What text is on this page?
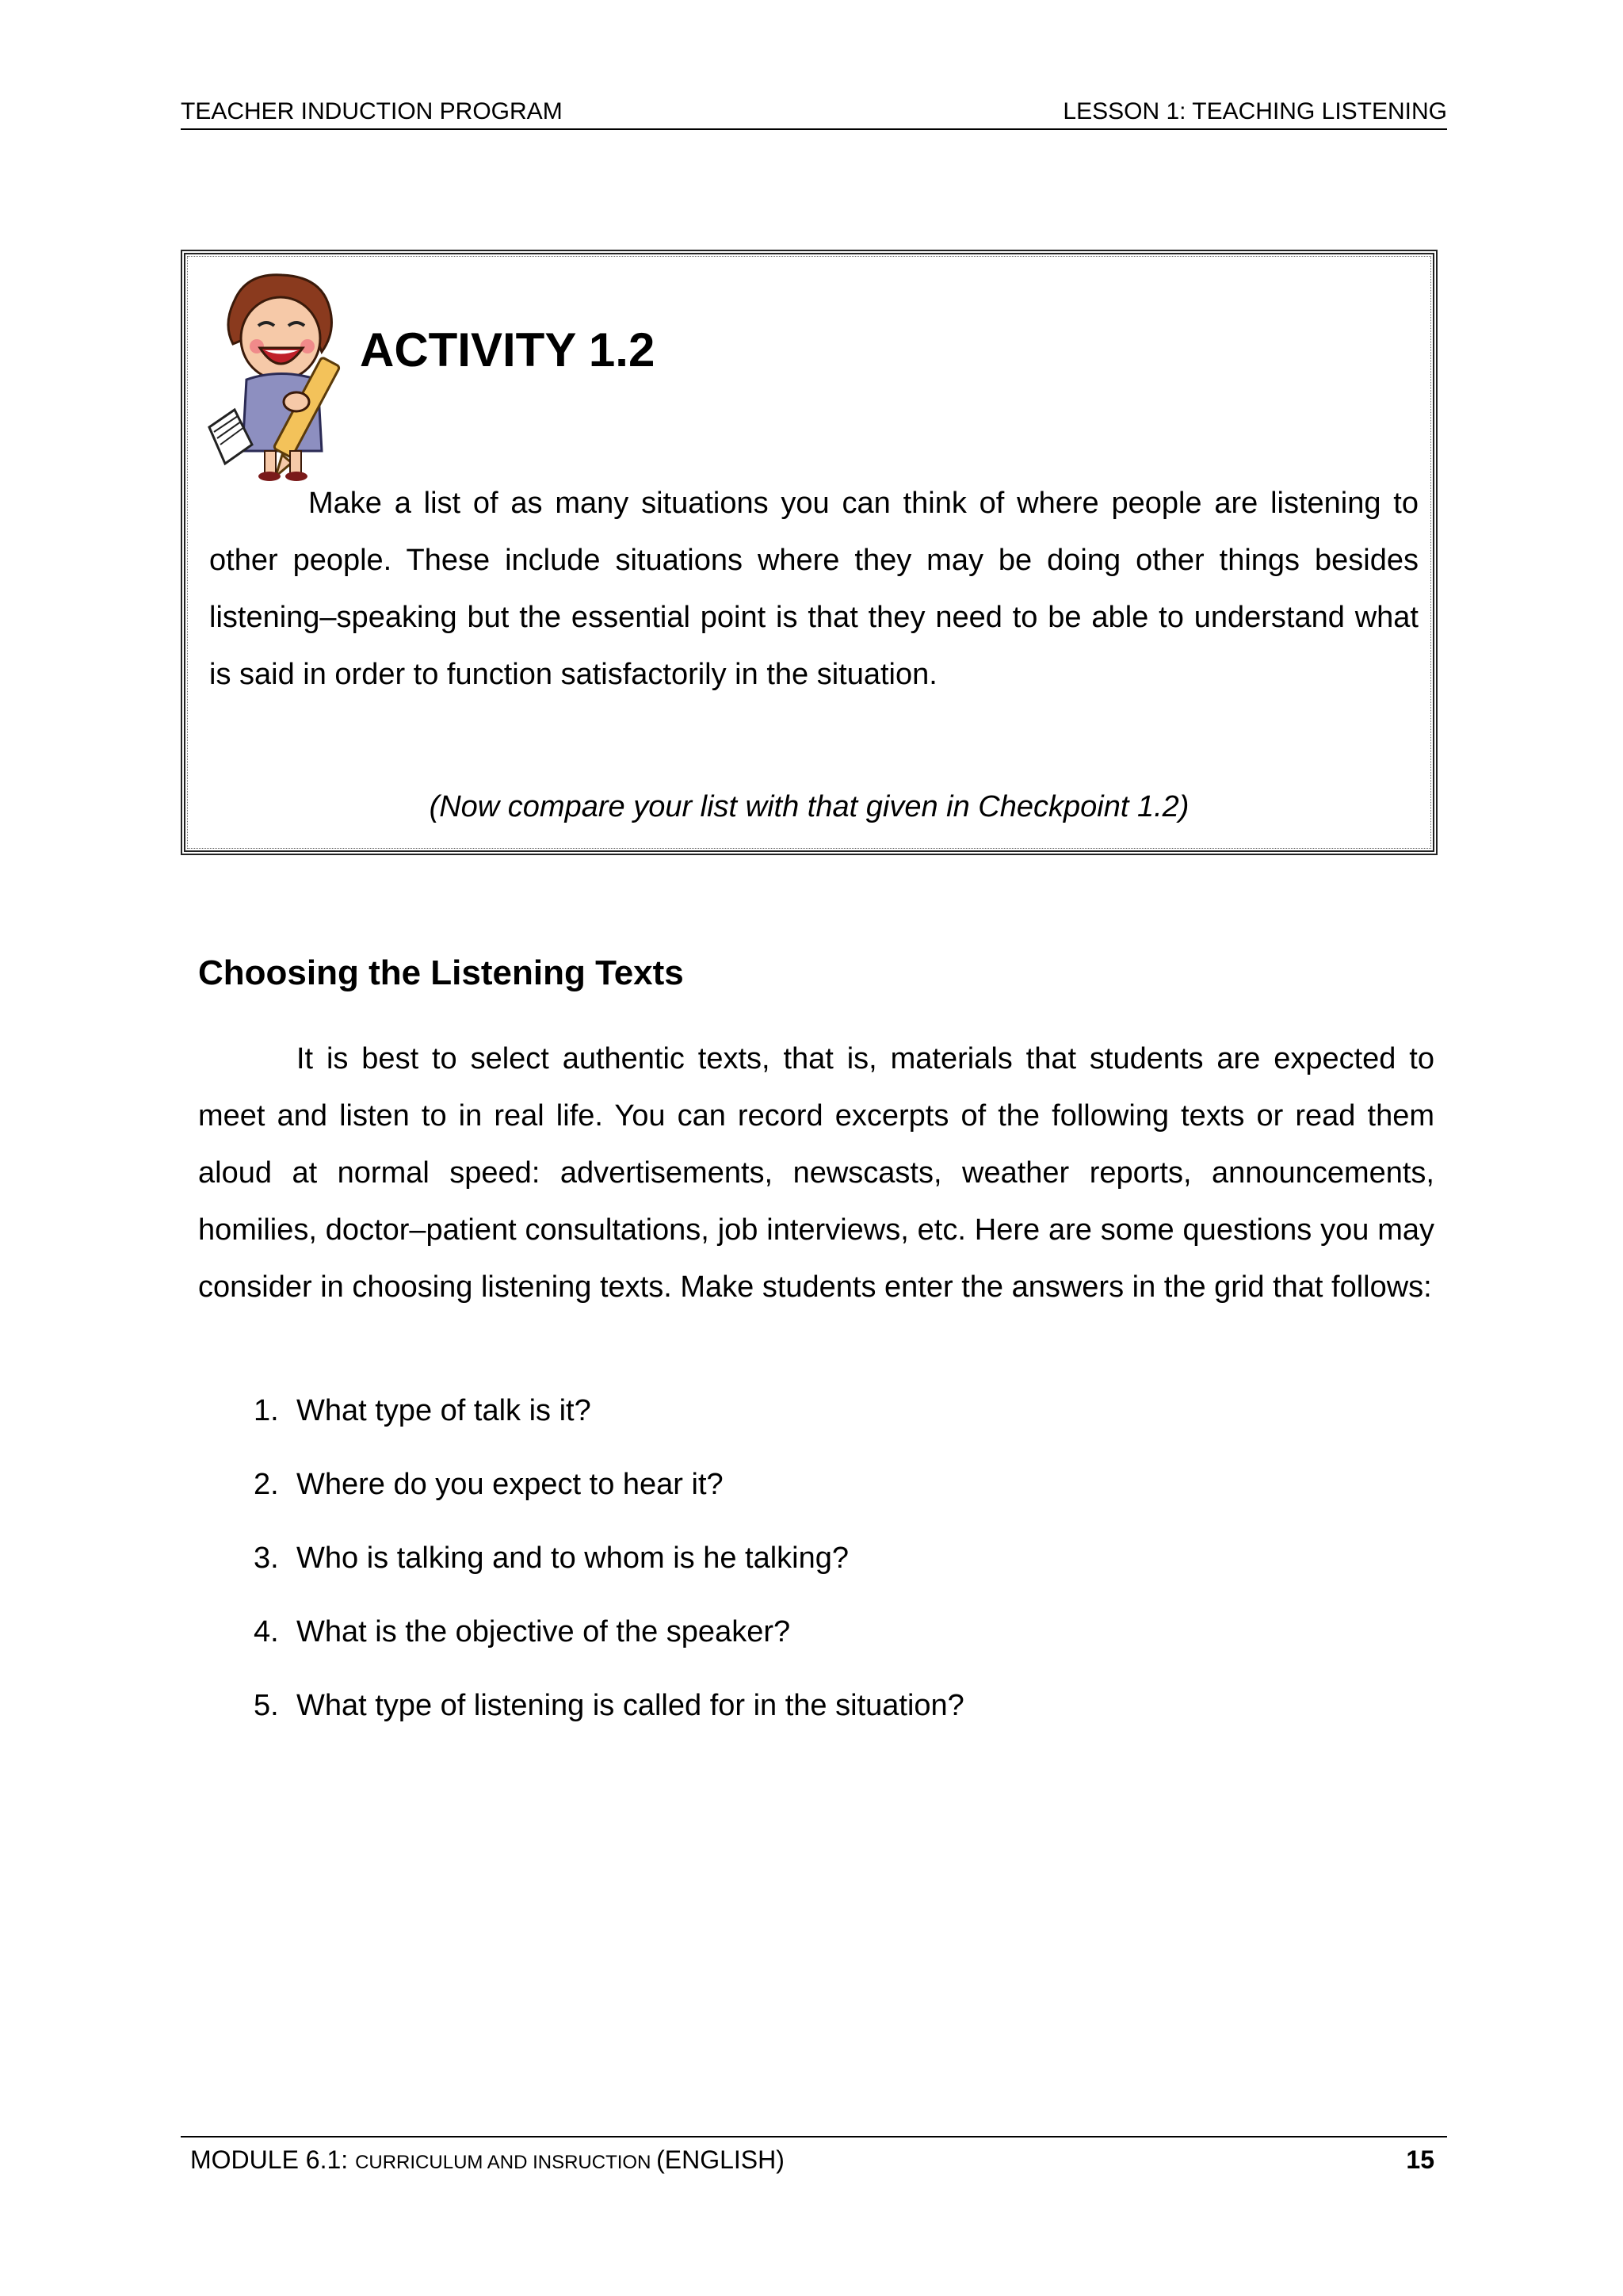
TEACHER INDUCTION PROGRAM	LESSON 1: TEACHING LISTENING
ACTIVITY 1.2
Make a list of as many situations you can think of where people are listening to other people. These include situations where they may be doing other things besides listening–speaking but the essential point is that they need to be able to understand what is said in order to function satisfactorily in the situation.
(Now compare your list with that given in Checkpoint 1.2)
Choosing the Listening Texts
It is best to select authentic texts, that is, materials that students are expected to meet and listen to in real life. You can record excerpts of the following texts or read them aloud at normal speed: advertisements, newscasts, weather reports, announcements, homilies, doctor–patient consultations, job interviews, etc. Here are some questions you may consider in choosing listening texts. Make students enter the answers in the grid that follows:
1. What type of talk is it?
2. Where do you expect to hear it?
3. Who is talking and to whom is he talking?
4. What is the objective of the speaker?
5. What type of listening is called for in the situation?
MODULE 6.1: CURRICULUM AND INSRUCTION (ENGLISH)	15
